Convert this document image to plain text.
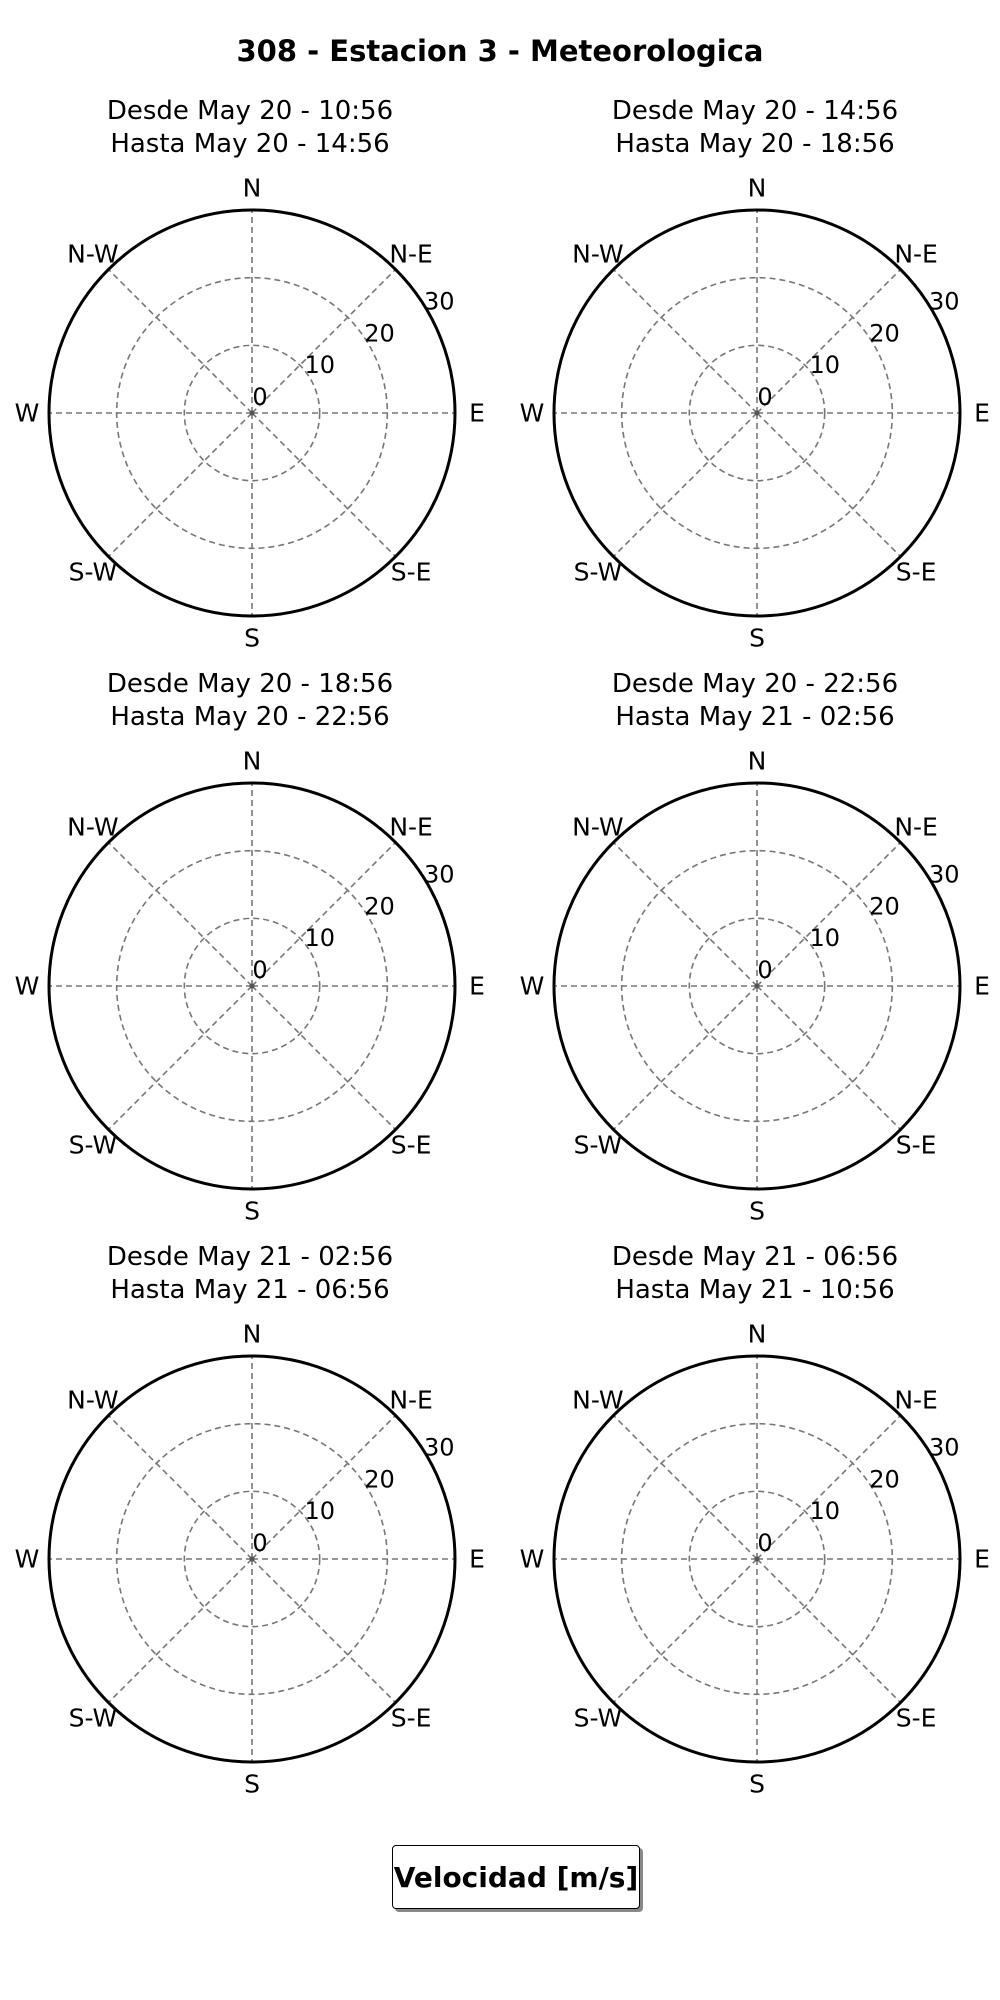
308 - Estacion 3 - Meteorologica
Desde May 20 - 10:56
Hasta May 20 - 14:56
N
N-E
E
S-E
S
S-W
W
N-W
0
10
20
30
Desde May 20 - 14:56
Hasta May 20 - 18:56
N
N-E
E
S-E
S
S-W
W
N-W
0
10
20
30
Desde May 20 - 18:56
Hasta May 20 - 22:56
N
N-E
E
S-E
S
S-W
W
N-W
0
10
20
30
Desde May 20 - 22:56
Hasta May 21 - 02:56
N
N-E
E
S-E
S
S-W
W
N-W
0
10
20
30
Desde May 21 - 02:56
Hasta May 21 - 06:56
N
N-E
E
S-E
S
S-W
W
N-W
0
10
20
30
Desde May 21 - 06:56
Hasta May 21 - 10:56
N
N-E
E
S-E
S
S-W
W
N-W
0
10
20
30
Velocidad [m/s]
